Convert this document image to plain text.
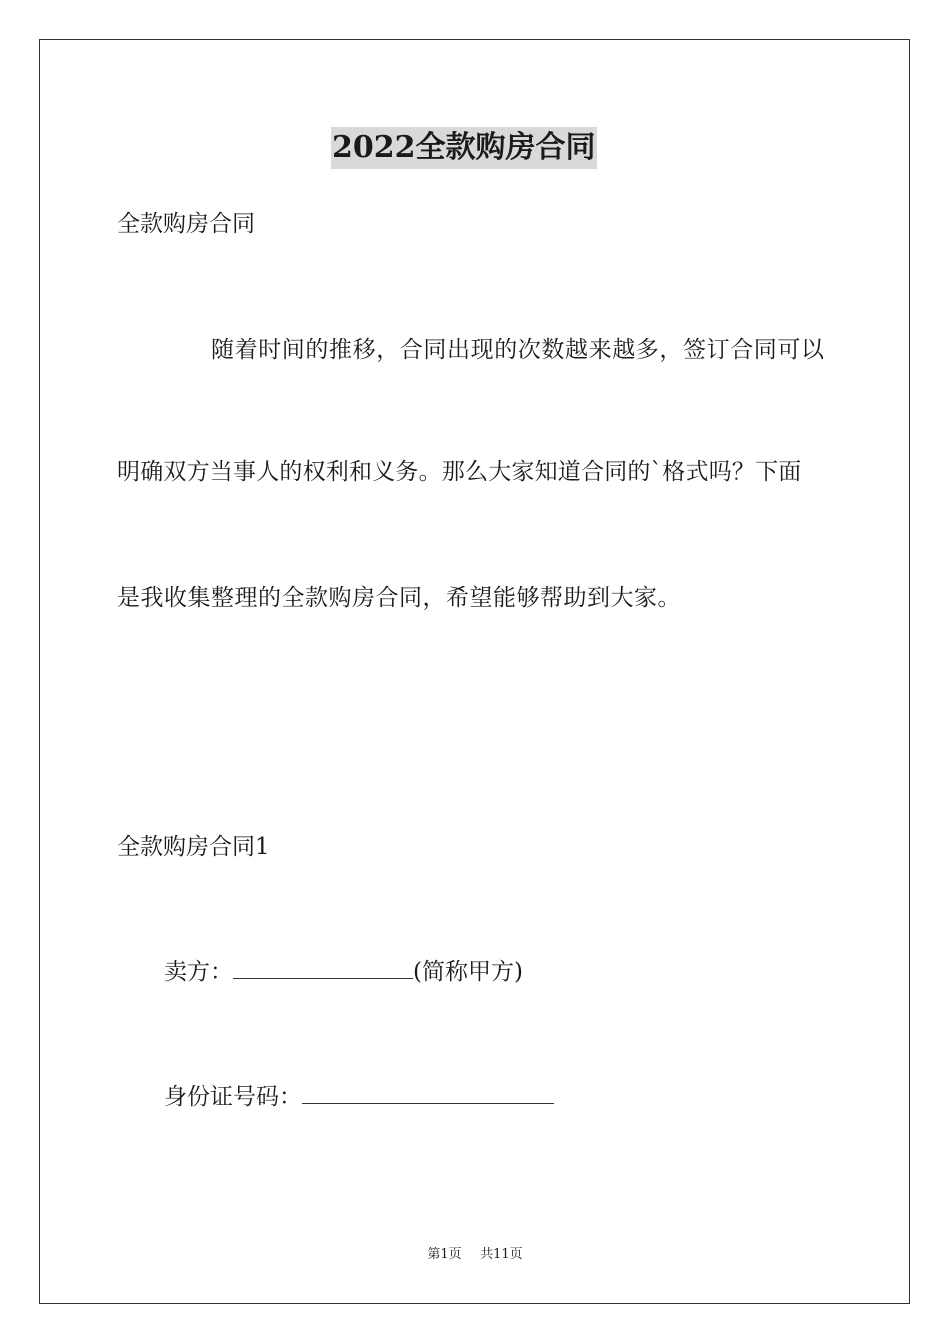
2022全款购房合同
全款购房合同
随着时间的推移，合同出现的次数越来越多，签订合同可以
明确双方当事人的权利和义务。那么大家知道合同的`格式吗？下面
是我收集整理的全款购房合同，希望能够帮助到大家。
全款购房合同1
卖方：	(简称甲方)
身份证号码：
第1页 共11页
